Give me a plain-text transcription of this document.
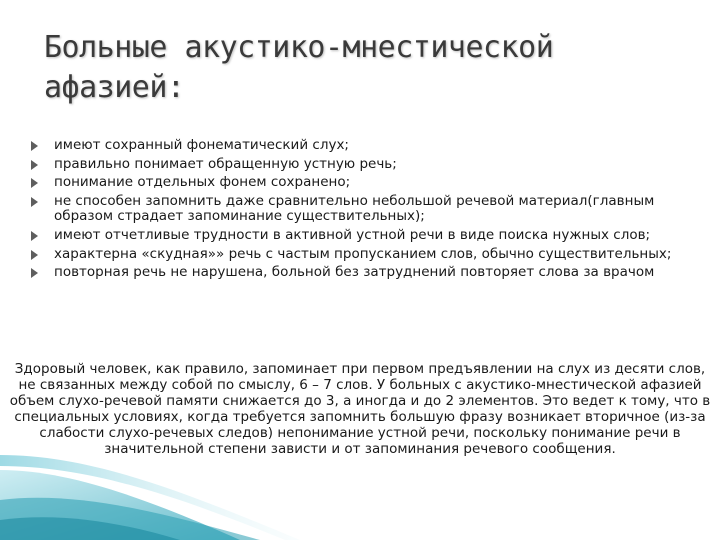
Больные акустико-мнестической
афазией:
имеют сохранный фонематический слух;
правильно понимает обращенную устную речь;
понимание отдельных фонем сохранено;
не способен запомнить даже сравнительно небольшой речевой материал(главным образом страдает запоминание существительных);
имеют отчетливые трудности в активной устной речи в виде поиска нужных слов;
характерна «скудная»» речь с частым пропусканием слов, обычно существительных;
повторная речь не нарушена, больной без затруднений повторяет слова за врачом

Здоровый человек, как правило, запоминает при первом предъявлении на слух из десяти слов, не связанных между собой по смыслу, 6 – 7 слов. У больных с акустико-мнестической афазией объем слухо-речевой памяти снижается до 3, а иногда и до 2 элементов. Это ведет к тому, что в специальных условиях, когда требуется запомнить большую фразу возникает вторичное (из-за слабости слухо-речевых следов) непонимание устной речи, поскольку понимание речи в значительной степени зависти и от запоминания речевого сообщения.
